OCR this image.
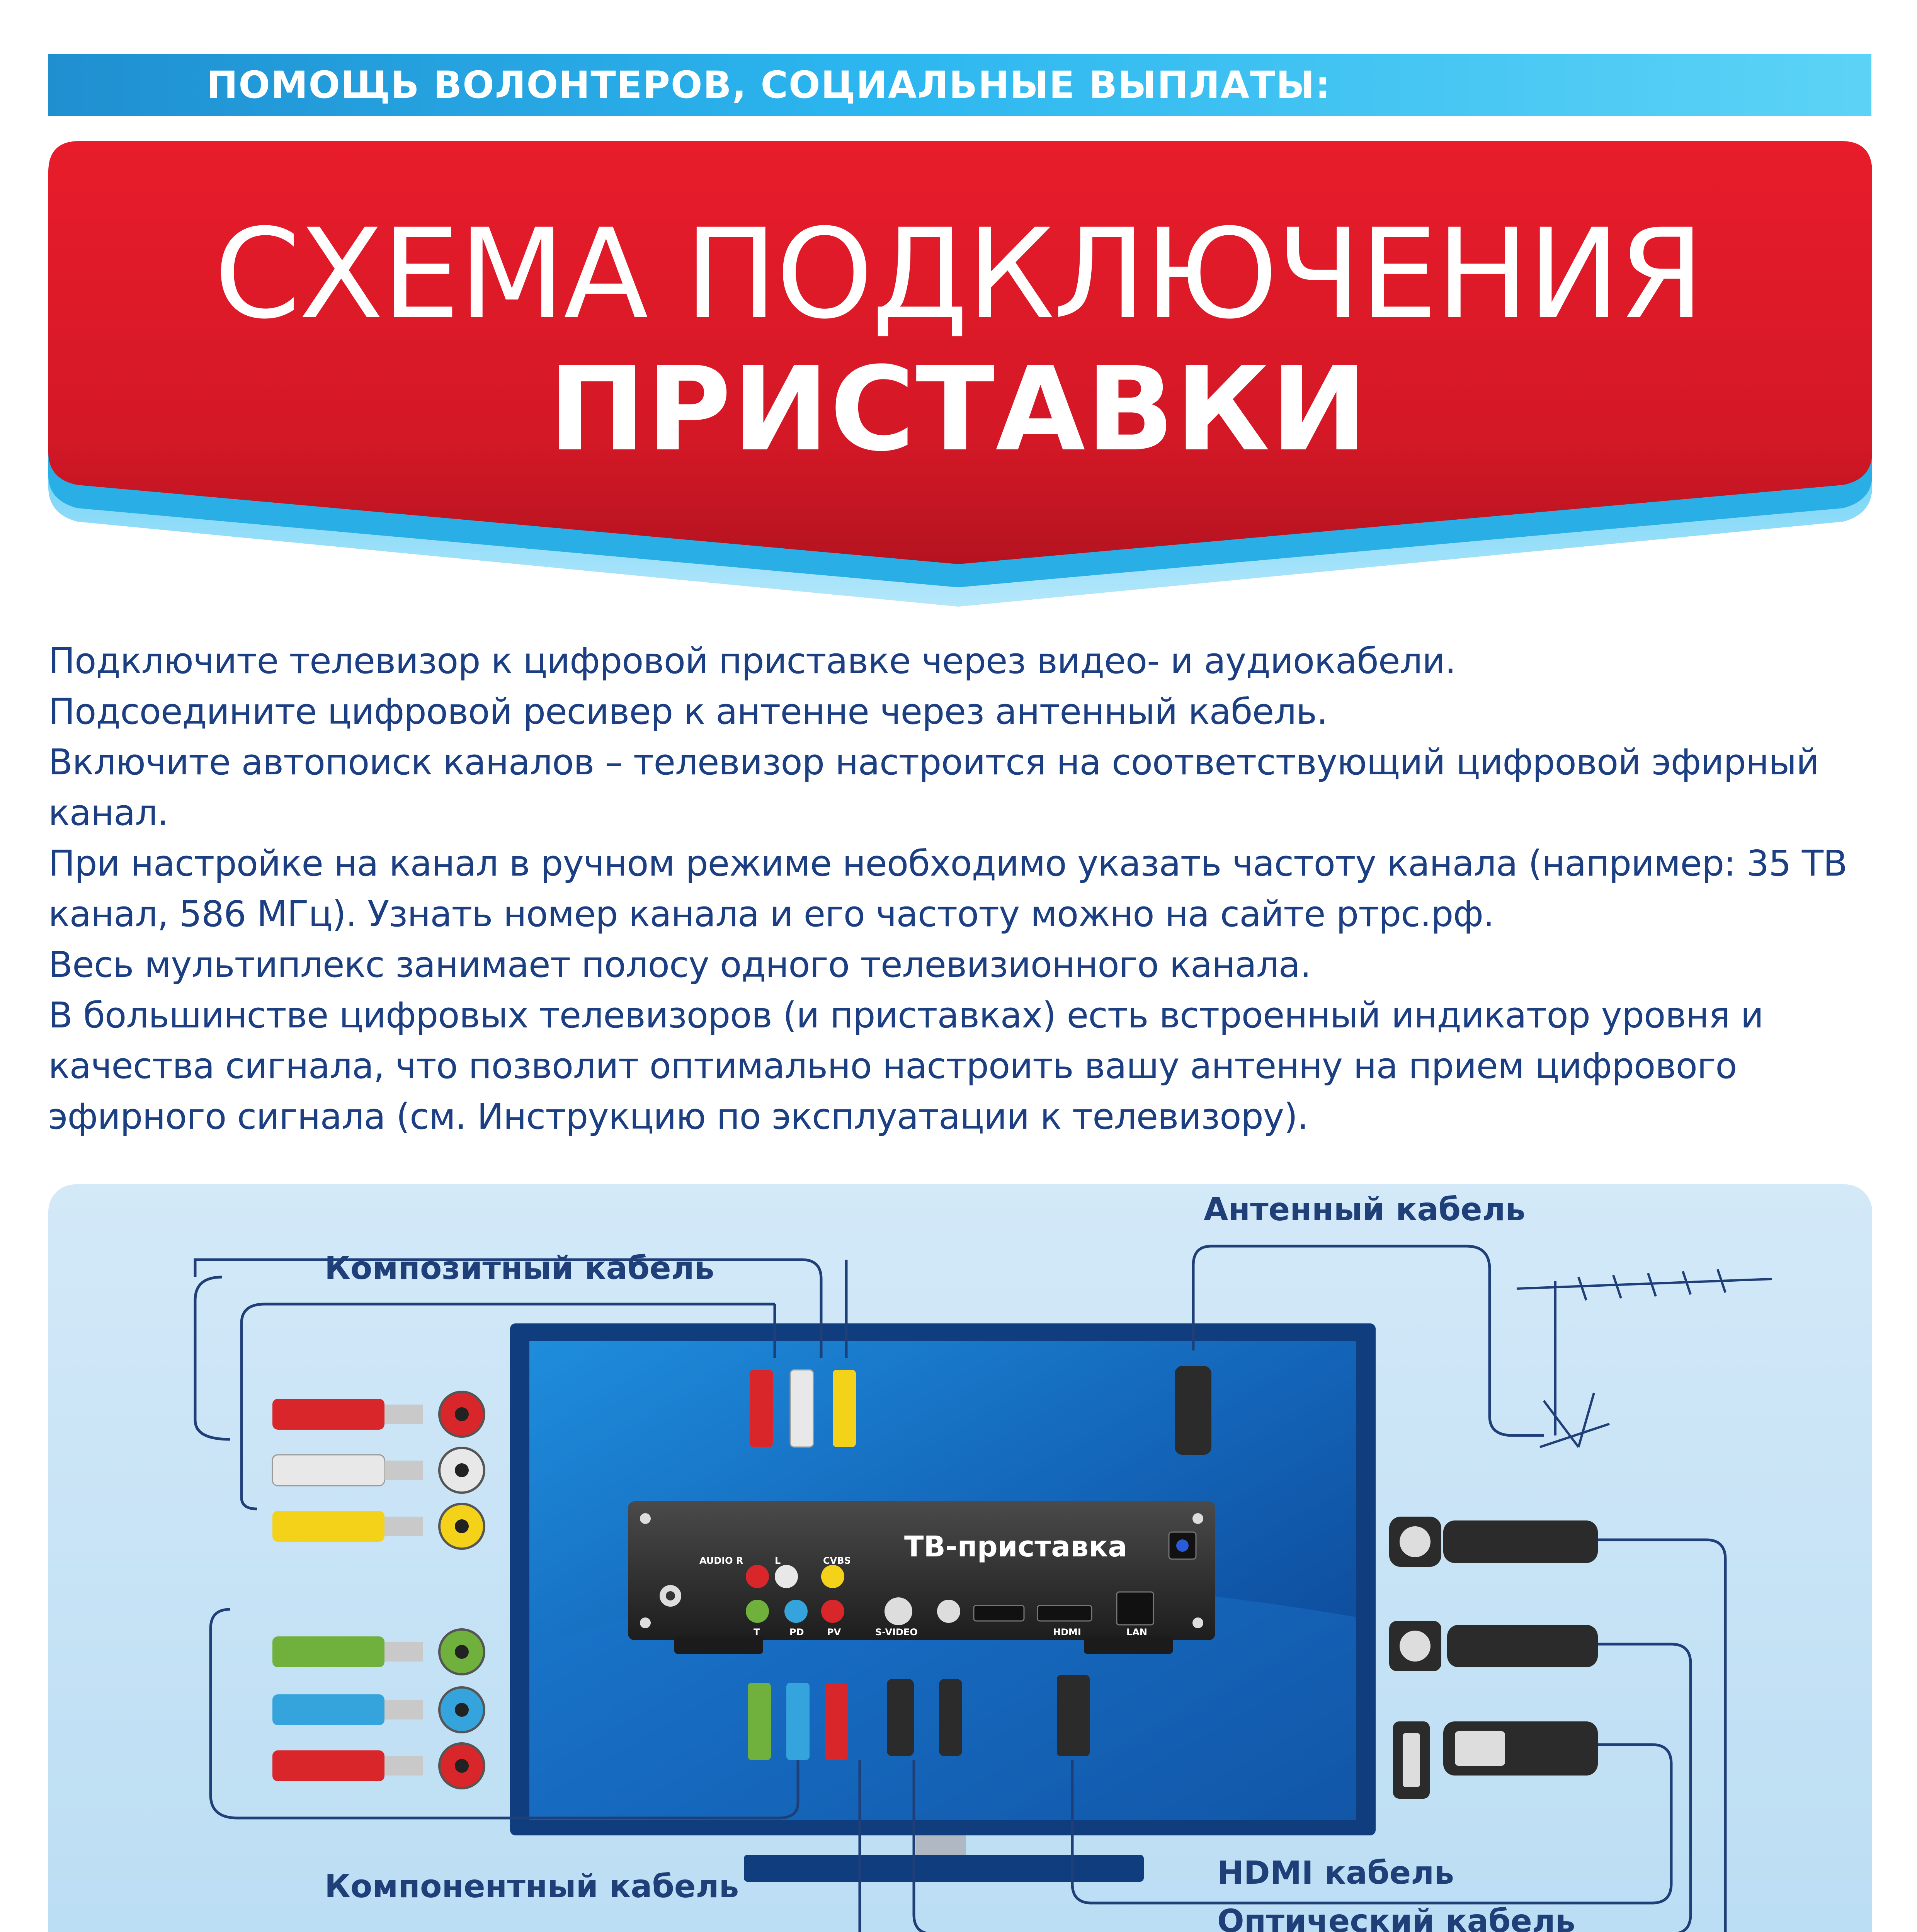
ПОМОЩЬ ВОЛОНТЕРОВ, СОЦИАЛЬНЫЕ ВЫПЛАТЫ:
СХЕМА ПОДКЛЮЧЕНИЯ
ПРИСТАВКИ

Подключите телевизор к цифровой приставке через видео- и аудиокабели.

Подсоедините цифровой ресивер к антенне через антенный кабель.

Включите автопоиск каналов – телевизор настроится на соответствующий цифровой эфирный канал.

При настройке на канал в ручном режиме необходимо указать частоту канала (например: 35 ТВ канал, 586 МГц). Узнать номер канала и его частоту можно на сайте ртрс.рф.

Весь мультиплекс занимает полосу одного телевизионного канала.

В большинстве цифровых телевизоров (и приставках) есть встроенный индикатор уровня и качества сигнала, что позволит оптимально настроить вашу антенну на прием цифрового эфирного сигнала (см. Инструкцию по эксплуатации к телевизору).

Антенный кабель
Композитный кабель
Компонентный кабель	HDMI кабель
Оптический кабель
ТВ-приставка
AUDIO R	L	CVBS
T	PD PV	S-VIDEO	HDMI	LAN
